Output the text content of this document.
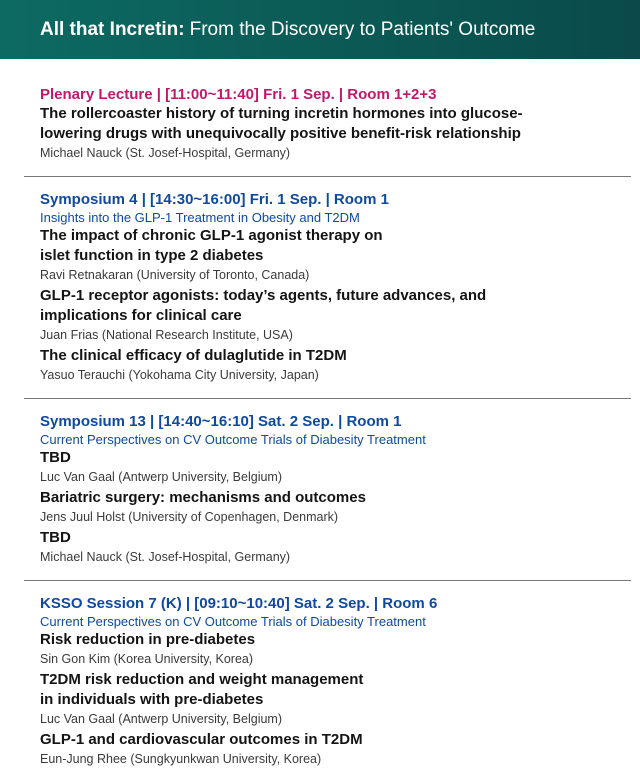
All that Incretin: From the Discovery to Patients' Outcome
Plenary Lecture | [11:00~11:40] Fri. 1 Sep. | Room 1+2+3
The rollercoaster history of turning incretin hormones into glucose-
lowering drugs with unequivocally positive benefit-risk relationship
Michael Nauck (St. Josef-Hospital, Germany)
Symposium 4 | [14:30~16:00] Fri. 1 Sep. | Room 1
Insights into the GLP-1 Treatment in Obesity and T2DM
The impact of chronic GLP-1 agonist therapy on
islet function in type 2 diabetes
Ravi Retnakaran (University of Toronto, Canada)
GLP-1 receptor agonists: today’s agents, future advances, and
implications for clinical care
Juan Frias (National Research Institute, USA)
The clinical efficacy of dulaglutide in T2DM
Yasuo Terauchi (Yokohama City University, Japan)
Symposium 13 | [14:40~16:10] Sat. 2 Sep. | Room 1
Current Perspectives on CV Outcome Trials of Diabesity Treatment
TBD
Luc Van Gaal (Antwerp University, Belgium)
Bariatric surgery: mechanisms and outcomes
Jens Juul Holst (University of Copenhagen, Denmark)
TBD
Michael Nauck (St. Josef-Hospital, Germany)
KSSO Session 7 (K) | [09:10~10:40] Sat. 2 Sep. | Room 6
Current Perspectives on CV Outcome Trials of Diabesity Treatment
Risk reduction in pre-diabetes
Sin Gon Kim (Korea University, Korea)
T2DM risk reduction and weight management
in individuals with pre-diabetes
Luc Van Gaal (Antwerp University, Belgium)
GLP-1 and cardiovascular outcomes in T2DM
Eun-Jung Rhee (Sungkyunkwan University, Korea)
